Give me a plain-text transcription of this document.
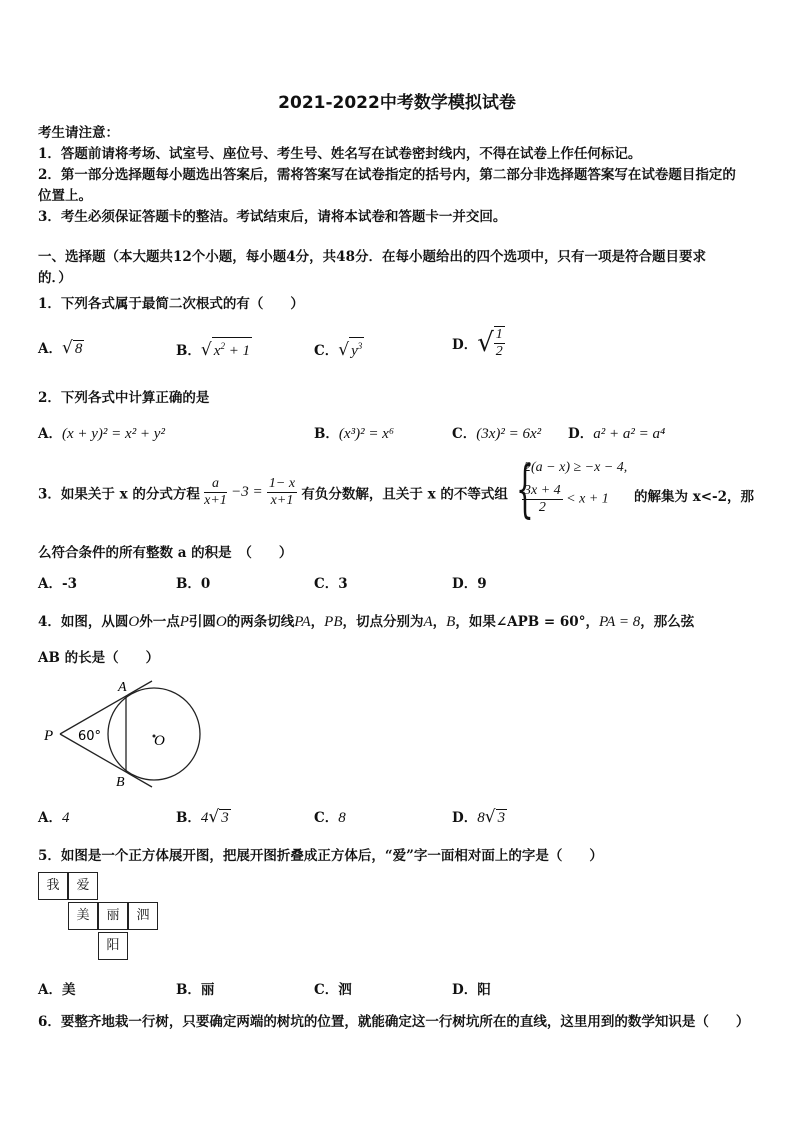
2021-2022中考数学模拟试卷
考生请注意：
1．答题前请将考场、试室号、座位号、考生号、姓名写在试卷密封线内，不得在试卷上作任何标记。
2．第一部分选择题每小题选出答案后，需将答案写在试卷指定的括号内，第二部分非选择题答案写在试卷题目指定的
位置上。
3．考生必须保证答题卡的整洁。考试结束后，请将本试卷和答题卡一并交回。
一、选择题（本大题共12个小题，每小题4分，共48分．在每小题给出的四个选项中，只有一项是符合题目要求
的．）
1．下列各式属于最简二次根式的有（　　）
A．√ 8	B．√ $x^2 + 1$	C．√ $y^3$	D．√ $\frac{1}{2}$
2．下列各式中计算正确的是
A．(x + y)² = x² + y²	B．(x³)² = x⁶	C．(3x)² = 6x² D．a² + a² = a⁴
3．如果关于 x 的分式方程 $\frac{a}{x+1} -3 = \frac{1- x}{x+1}$ 有负分数解，且关于 x 的不等式组 {
2(a − x) ≥ −x − 4,
$\frac{3x + 4}{2} < x + 1$ 的解集为 x<-2，那
么符合条件的所有整数 a 的积是　（　　）
A．-3	B．0	C．3	D．9
4．如图，从圆O外一点P引圆O的两条切线PA，PB，切点分别为A，B，如果∠APB = 60°，PA = 8，那么弦
AB 的长是（　　）
P
A
B
O
60°
A．4	B．4√ 3	C．8	D．8√ 3
5．如图是一个正方体展开图，把展开图折叠成正方体后，“爱”字一面相对面上的字是（　　）
我	爱
美	丽	泗
阳
A．美	B．丽	C．泗	D．阳
6．要整齐地栽一行树，只要确定两端的树坑的位置，就能确定这一行树坑所在的直线，这里用到的数学知识是（　　）
